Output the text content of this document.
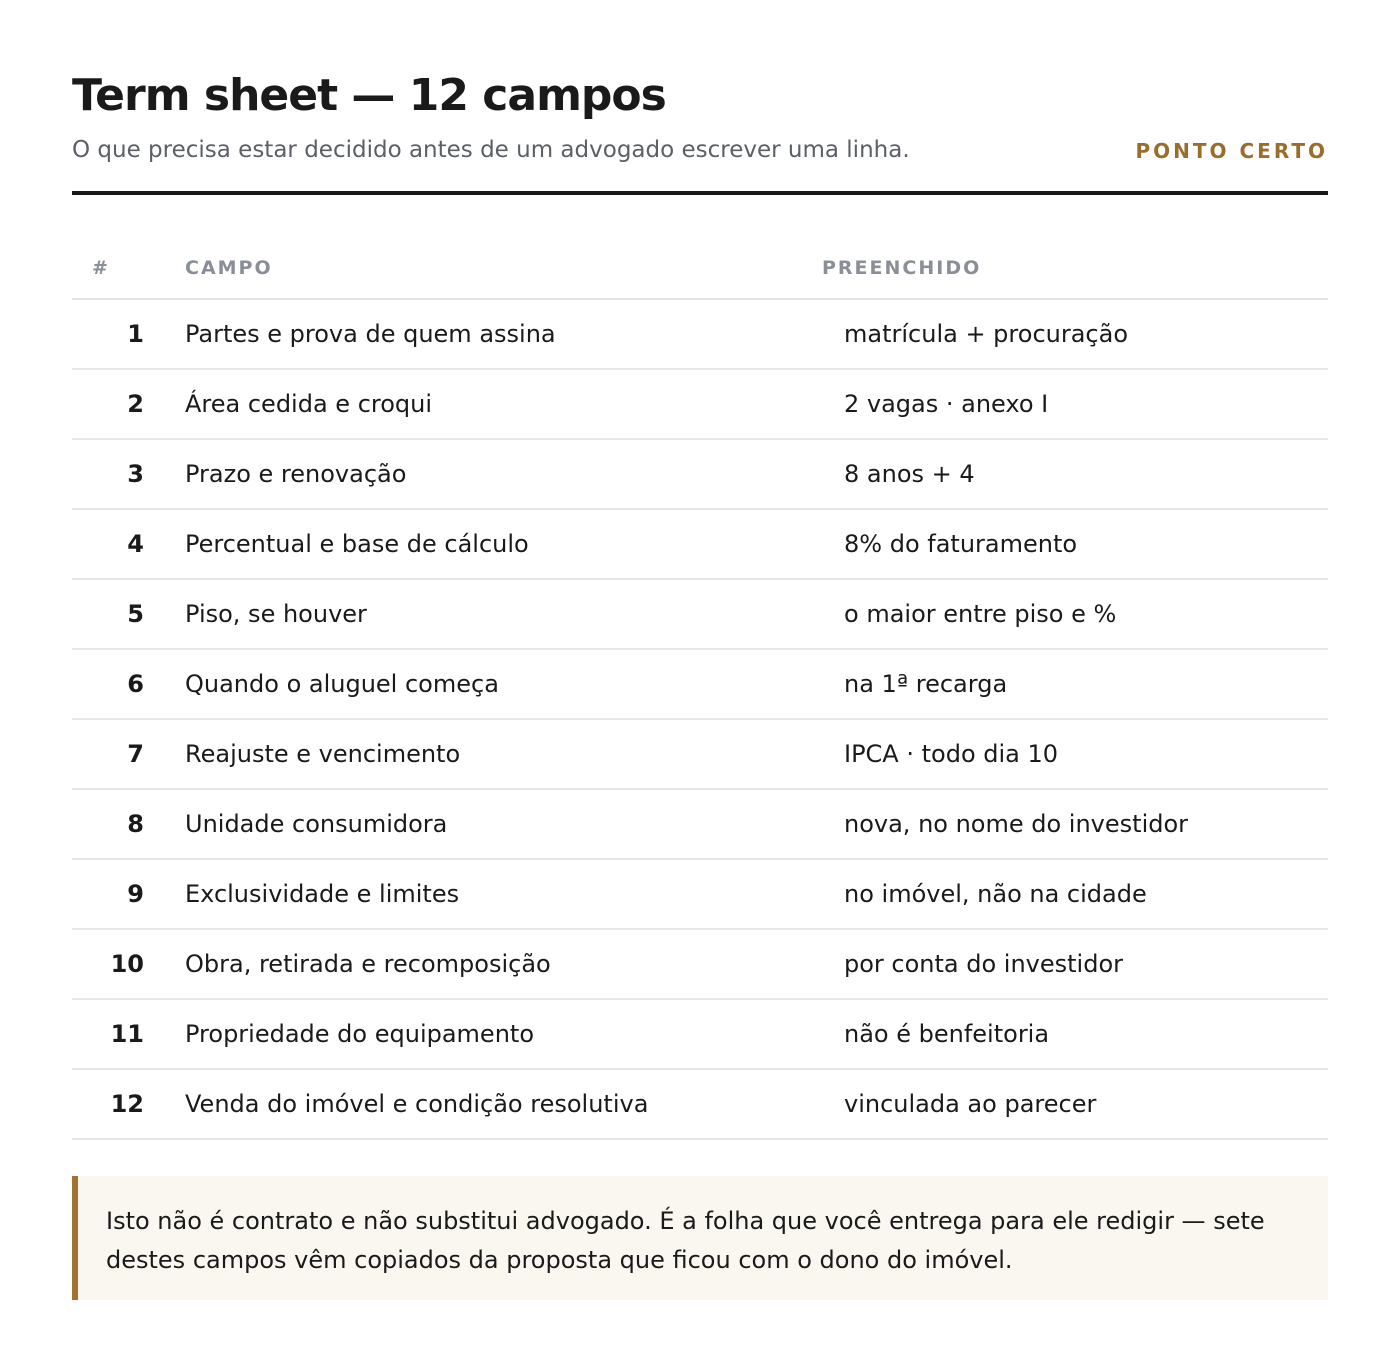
Term sheet — 12 campos
O que precisa estar decidido antes de um advogado escrever uma linha.	PONTO CERTO
#	CAMPO	PREENCHIDO
1	Partes e prova de quem assina	matrícula + procuração
2	Área cedida e croqui	2 vagas · anexo I
3	Prazo e renovação	8 anos + 4
4	Percentual e base de cálculo	8% do faturamento
5	Piso, se houver	o maior entre piso e %
6	Quando o aluguel começa	na 1ª recarga
7	Reajuste e vencimento	IPCA · todo dia 10
8	Unidade consumidora	nova, no nome do investidor
9	Exclusividade e limites	no imóvel, não na cidade
10	Obra, retirada e recomposição	por conta do investidor
11	Propriedade do equipamento	não é benfeitoria
12	Venda do imóvel e condição resolutiva	vinculada ao parecer
Isto não é contrato e não substitui advogado. É a folha que você entrega para ele redigir — sete destes campos vêm copiados da proposta que ficou com o dono do imóvel.
